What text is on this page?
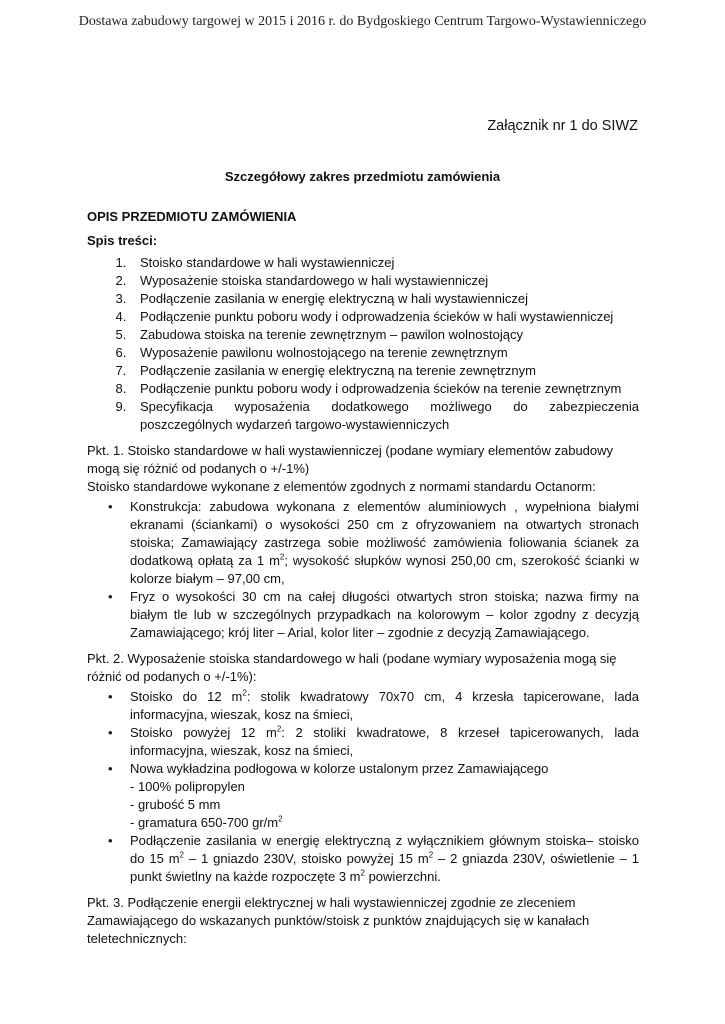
Dostawa zabudowy targowej w 2015 i 2016 r. do Bydgoskiego Centrum Targowo-Wystawienniczego
Załącznik nr 1 do SIWZ
Szczegółowy zakres przedmiotu zamówienia

OPIS PRZEDMIOTU ZAMÓWIENIA

Spis treści:

1. Stoisko standardowe w hali wystawienniczej
2. Wyposażenie stoiska standardowego w hali wystawienniczej
3. Podłączenie zasilania w energię elektryczną w hali wystawienniczej
4. Podłączenie punktu poboru wody i odprowadzenia ścieków w hali wystawienniczej
5. Zabudowa stoiska na terenie zewnętrznym – pawilon wolnostojący
6. Wyposażenie pawilonu wolnostojącego na terenie zewnętrznym
7. Podłączenie zasilania w energię elektryczną na terenie zewnętrznym
8. Podłączenie punktu poboru wody i odprowadzenia ścieków na terenie zewnętrznym
9. Specyfikacja wyposażenia dodatkowego możliwego do zabezpieczenia poszczególnych wydarzeń targowo-wystawienniczych

Pkt. 1. Stoisko standardowe w hali wystawienniczej (podane wymiary elementów zabudowy mogą się różnić od podanych o +/-1%)

Stoisko standardowe wykonane z elementów zgodnych z normami standardu Octanorm:

• Konstrukcja: zabudowa wykonana z elementów aluminiowych , wypełniona białymi ekranami (ściankami) o wysokości 250 cm z ofryzowaniem na otwartych stronach stoiska; Zamawiający zastrzega sobie możliwość zamówienia foliowania ścianek za dodatkową opłatą za 1 $m^2$; wysokość słupków wynosi 250,00 cm, szerokość ścianki w kolorze białym – 97,00 cm,
• Fryz o wysokości 30 cm na całej długości otwartych stron stoiska; nazwa firmy na białym tle lub w szczególnych przypadkach na kolorowym – kolor zgodny z decyzją Zamawiającego; krój liter – Arial, kolor liter – zgodnie z decyzją Zamawiającego.

Pkt. 2. Wyposażenie stoiska standardowego w hali (podane wymiary wyposażenia mogą się różnić od podanych o +/-1%):

• Stoisko do 12 $m^2$: stolik kwadratowy 70x70 cm, 4 krzesła tapicerowane, lada informacyjna, wieszak, kosz na śmieci,
• Stoisko powyżej 12 $m^2$: 2 stoliki kwadratowe, 8 krzeseł tapicerowanych, lada informacyjna, wieszak, kosz na śmieci,
• Nowa wykładzina podłogowa w kolorze ustalonym przez Zamawiającego
- 100% polipropylen
- grubość 5 mm
- gramatura 650-700 $gr/m^2$
• Podłączenie zasilania w energię elektryczną z wyłącznikiem głównym stoiska– stoisko do 15 $m^2 - 1$ gniazdo 230V, stoisko powyżej 15 $m^2 - 2$ gniazda 230V, oświetlenie – 1 punkt świetlny na każde rozpoczęte 3 $m^2$ powierzchni.

Pkt. 3. Podłączenie energii elektrycznej w hali wystawienniczej zgodnie ze zleceniem Zamawiającego do wskazanych punktów/stoisk z punktów znajdujących się w kanałach teletechnicznych:
